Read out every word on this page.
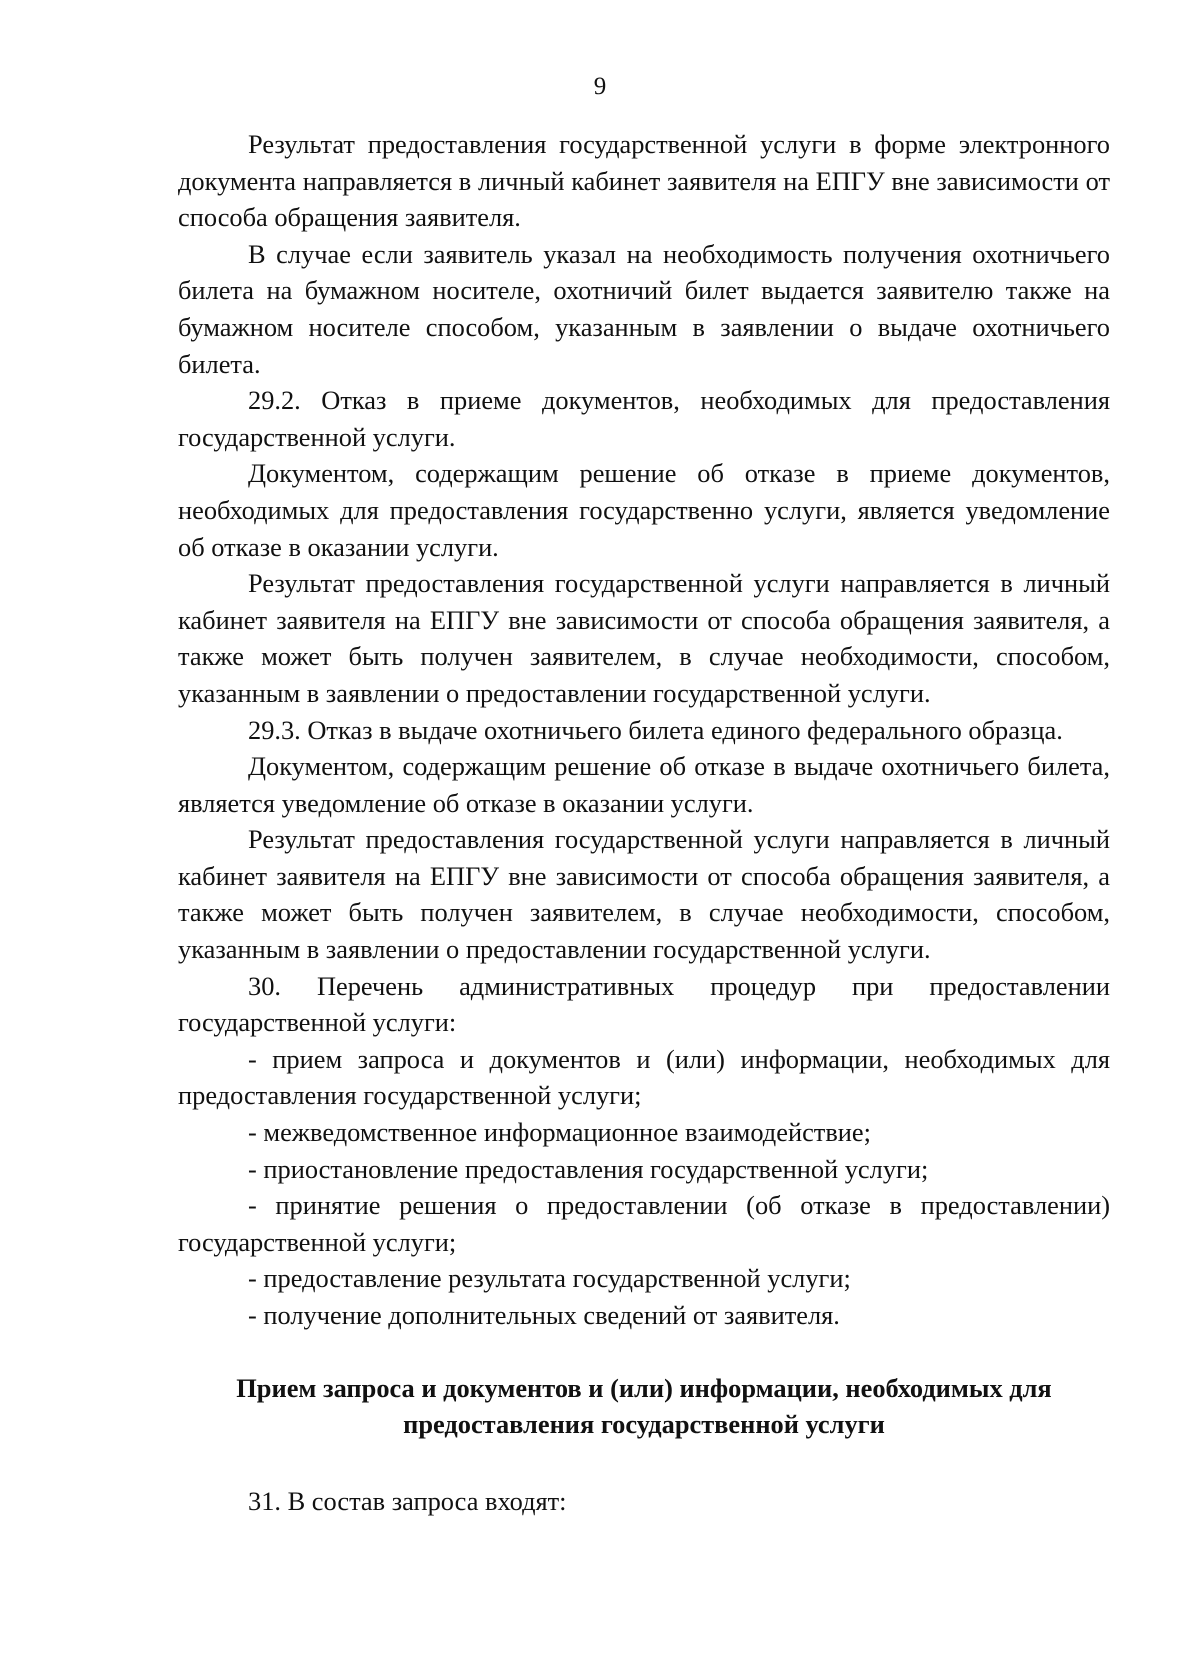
9

Результат предоставления государственной услуги в форме электронного документа направляется в личный кабинет заявителя на ЕПГУ вне зависимости от способа обращения заявителя.

В случае если заявитель указал на необходимость получения охотничьего билета на бумажном носителе, охотничий билет выдается заявителю также на бумажном носителе способом, указанным в заявлении о выдаче охотничьего билета.

29.2. Отказ в приеме документов, необходимых для предоставления государственной услуги.

Документом, содержащим решение об отказе в приеме документов, необходимых для предоставления государственно услуги, является уведомление об отказе в оказании услуги.

Результат предоставления государственной услуги направляется в личный кабинет заявителя на ЕПГУ вне зависимости от способа обращения заявителя, а также может быть получен заявителем, в случае необходимости, способом, указанным в заявлении о предоставлении государственной услуги.

29.3. Отказ в выдаче охотничьего билета единого федерального образца.

Документом, содержащим решение об отказе в выдаче охотничьего билета, является уведомление об отказе в оказании услуги.

Результат предоставления государственной услуги направляется в личный кабинет заявителя на ЕПГУ вне зависимости от способа обращения заявителя, а также может быть получен заявителем, в случае необходимости, способом, указанным в заявлении о предоставлении государственной услуги.

30. Перечень административных процедур при предоставлении государственной услуги:

- прием запроса и документов и (или) информации, необходимых для предоставления государственной услуги;

- межведомственное информационное взаимодействие;

- приостановление предоставления государственной услуги;

- принятие решения о предоставлении (об отказе в предоставлении) государственной услуги;

- предоставление результата государственной услуги;

- получение дополнительных сведений от заявителя.

Прием запроса и документов и (или) информации, необходимых для предоставления государственной услуги

31. В состав запроса входят:
